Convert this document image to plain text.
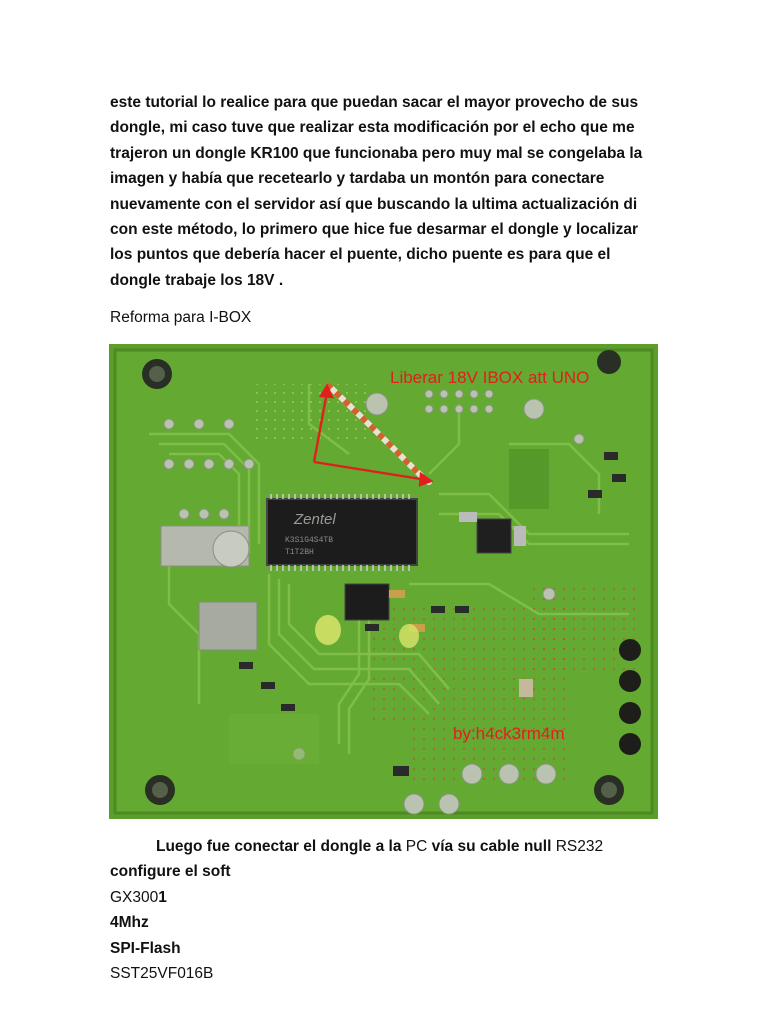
este tutorial lo realice para que puedan sacar el mayor provecho de sus
dongle, mi caso tuve que realizar esta modificación por el echo que me
trajeron un dongle KR100 que funcionaba pero muy mal se congelaba la
imagen y había que recetearlo y tardaba un montón para conectare
nuevamente con el servidor así que buscando la ultima actualización di
con este método, lo primero que hice fue desarmar el dongle y localizar
los puntos que debería hacer el puente, dicho puente es para que el
dongle trabaje los 18V .

Reforma para I-BOX

Zentel
K3S1G4S4TB
T1T2BH
Liberar 18V IBOX att UNO
by:h4ck3rm4m
Luego fue conectar el dongle a la PC vía su cable null RS232
configure el soft
GX3001
4Mhz
SPI-Flash
SST25VF016B
